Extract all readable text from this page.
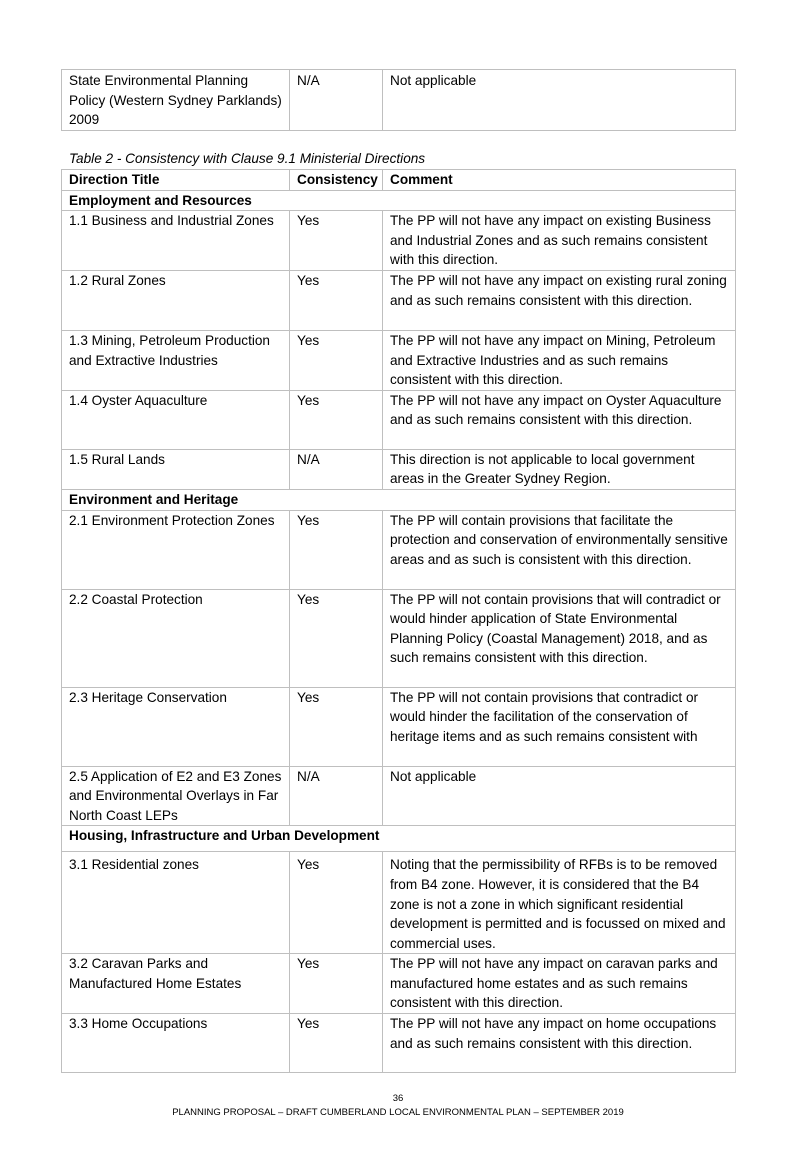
State Environmental Planning Policy (Western Sydney Parklands) 2009	N/A	Not applicable
Table 2 - Consistency with Clause 9.1 Ministerial Directions
Direction Title	Consistency	Comment
Employment and Resources		
1.1 Business and Industrial Zones	Yes	The PP will not have any impact on existing Business and Industrial Zones and as such remains consistent with this direction.
1.2 Rural Zones	Yes	The PP will not have any impact on existing rural zoning and as such remains consistent with this direction.
1.3 Mining, Petroleum Production and Extractive Industries	Yes	The PP will not have any impact on Mining, Petroleum and Extractive Industries and as such remains consistent with this direction.
1.4 Oyster Aquaculture	Yes	The PP will not have any impact on Oyster Aquaculture and as such remains consistent with this direction.
1.5 Rural Lands	N/A	This direction is not applicable to local government areas in the Greater Sydney Region.
Environment and Heritage		
2.1 Environment Protection Zones	Yes	The PP will contain provisions that facilitate the protection and conservation of environmentally sensitive areas and as such is consistent with this direction.
2.2 Coastal Protection	Yes	The PP will not contain provisions that will contradict or would hinder application of State Environmental Planning Policy (Coastal Management) 2018, and as such remains consistent with this direction.
2.3 Heritage Conservation	Yes	The PP will not contain provisions that contradict or would hinder the facilitation of the conservation of heritage items and as such remains consistent with
2.5 Application of E2 and E3 Zones and Environmental Overlays in Far North Coast LEPs	N/A	Not applicable
Housing, Infrastructure and Urban Development		
3.1 Residential zones	Yes	Noting that the permissibility of RFBs is to be removed from B4 zone. However, it is considered that the B4 zone is not a zone in which significant residential development is permitted and is focussed on mixed and commercial uses.
3.2 Caravan Parks and Manufactured Home Estates	Yes	The PP will not have any impact on caravan parks and manufactured home estates and as such remains consistent with this direction.
3.3 Home Occupations	Yes	The PP will not have any impact on home occupations and as such remains consistent with this direction.
36
PLANNING PROPOSAL – DRAFT CUMBERLAND LOCAL ENVIRONMENTAL PLAN – SEPTEMBER 2019
